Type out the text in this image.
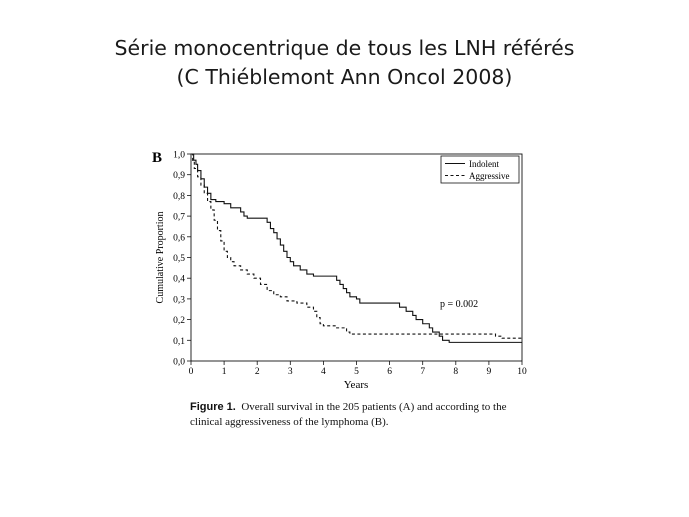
Série monocentrique de tous les LNH référés
(C Thiéblemont Ann Oncol 2008)
B
0,0
0,1
0,2
0,3
0,4
0,5
0,6
0,7
0,8
0,9
1,0
0	1	2	3	4	5	6	7	8	9	10
Years
Cumulative Proportion
Indolent
Aggressive
p = 0.002
Figure 1. Overall survival in the 205 patients (A) and according to the
clinical aggressiveness of the lymphoma (B).
